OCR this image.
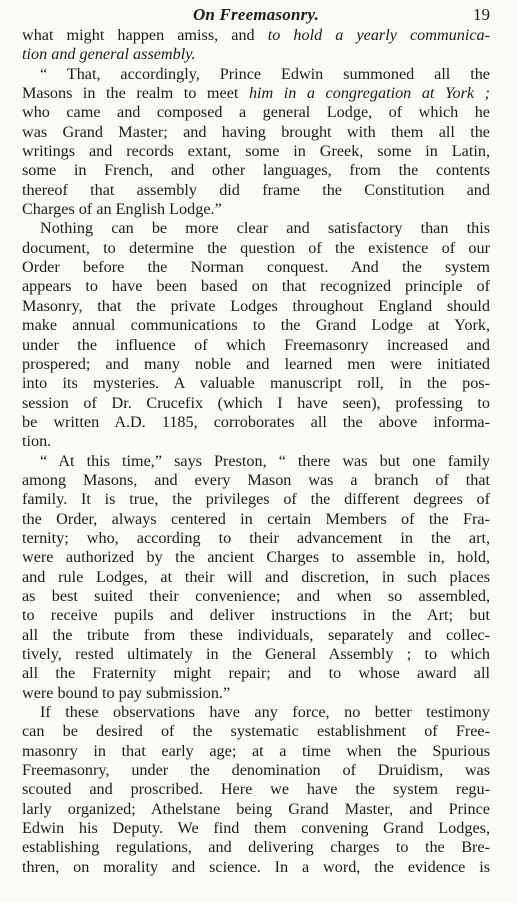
On Freemasonry.	19
what might happen amiss, and to hold a yearly communica-
tion and general assembly.
“ That, accordingly, Prince Edwin summoned all the
Masons in the realm to meet him in a congregation at York ;
who came and composed a general Lodge, of which he
was Grand Master; and having brought with them all the
writings and records extant, some in Greek, some in Latin,
some in French, and other languages, from the contents
thereof that assembly did frame the Constitution and
Charges of an English Lodge.”
Nothing can be more clear and satisfactory than this
document, to determine the question of the existence of our
Order before the Norman conquest. And the system
appears to have been based on that recognized principle of
Masonry, that the private Lodges throughout England should
make annual communications to the Grand Lodge at York,
under the influence of which Freemasonry increased and
prospered; and many noble and learned men were initiated
into its mysteries. A valuable manuscript roll, in the pos-
session of Dr. Crucefix (which I have seen), professing to
be written A.D. 1185, corroborates all the above informa-
tion.
“ At this time,” says Preston, “ there was but one family
among Masons, and every Mason was a branch of that
family. It is true, the privileges of the different degrees of
the Order, always centered in certain Members of the Fra-
ternity; who, according to their advancement in the art,
were authorized by the ancient Charges to assemble in, hold,
and rule Lodges, at their will and discretion, in such places
as best suited their convenience; and when so assembled,
to receive pupils and deliver instructions in the Art; but
all the tribute from these individuals, separately and collec-
tively, rested ultimately in the General Assembly ; to which
all the Fraternity might repair; and to whose award all
were bound to pay submission.”
If these observations have any force, no better testimony
can be desired of the systematic establishment of Free-
masonry in that early age; at a time when the Spurious
Freemasonry, under the denomination of Druidism, was
scouted and proscribed. Here we have the system regu-
larly organized; Athelstane being Grand Master, and Prince
Edwin his Deputy. We find them convening Grand Lodges,
establishing regulations, and delivering charges to the Bre-
thren, on morality and science. In a word, the evidence is
